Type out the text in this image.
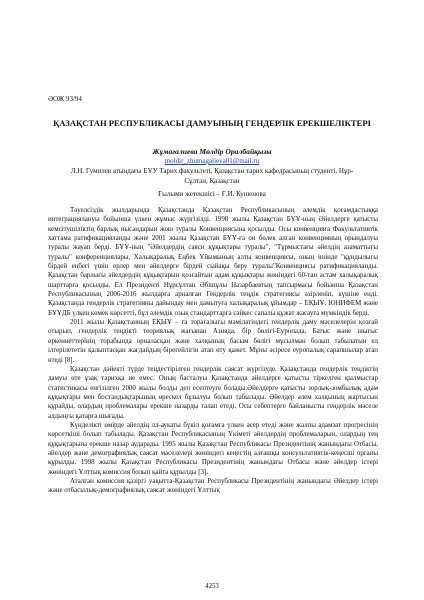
ӘОЖ 93/94
ҚАЗАҚСТАН РЕСПУБЛИКАСЫ ДАМУЫНЫҢ ГЕНДЕРЛІК ЕРЕКШЕЛІКТЕРІ
Жұмағалиева Мөлдір Оралбайқызы
moldir_zhumagalieva01@mail.ru
Л.Н. Гумилев атындағы ЕҰУ Тарих факультеті, Қазақстан тарих кафедрасының студенті, Нұр-Сұлтан, Қазақстан
Ғылыми жетекшісі – Ғ.И. Кушенова

Тәуелсіздік жылдарында Қазақстанда Қазақстан Республикасының әлемдік қоғамдастыққа интеграциялануы бойынша үлкен жұмыс жүргізілді. 1998 жылы Қазақстан БҰҰ-ның Әйелдерге қатысты кемсітушіліктің барлық нысандарын жою туралы Конвенциясына қосылды. Осы конвенцияға Факультативтік хаттама ратификацияланды және 2001 жылы Қазақстан БҰҰ-ға он бөлек алған конвенцияның орындалуы туралы жауап берді. БҰҰ-ның "Әйелдердің саяси құқықтары туралы", "Тұрмыстағы әйелдің азаматтығы туралы" конференциялары, Халықаралық Еңбек Ұйымының алты конвенциясы, оның ішінде "құндылығы бірдей еңбегі үшін ерлер мен әйелдерге бірдей сыйақы беру туралы"Конвенциясы ратификацияланды. Қазақстан барлығы әйелдердің құқықтарын қозғайтын адам құқықтары жөніндегі 60-тан астам халықаралық шарттарға қосылды. Ел Президенті Нұрсұлтан Әбішұлы Назарбаевтың тапсырмасы бойынша Қазақстан Республикасының 2006-2016 жылдарға арналған Гендерлік теңдік стратегиясы әзірленіп, күшіне енді. Қазақстанда гендерлік стратегияны дайындау мен дамытуға халықаралық ұйымдар – ЕҚЫҰ, ЮНИФЕМ және БҰҰДБ үлкен көмек көрсетті, бұл әлемдік озық стандарттарға сәйкес сапалы құжат жасауға мүмкіндік берді.

2011 жылы Қазақстанның ЕҚЫҰ – ға торағалығы мәміләтіндегі гендерлік даму мәселелерін қозғай отырып, гендерлік теңдікті теориялық жағынан Азияда, бір бөлігі-Еуропада, Батыс және шығыс өркениеттерінің торабында орналасқан және халқының басым бөлігі мұсылман болып табылатын ел ілгерілететін қалыптасқан жағдайдың біреғейлігін атап өту қажет. Мұны әсіресе еуропалық сарапшылар атап өтеді [8].

Қазақстан дәйекті түрде теңдестірілген гендерлік саясат жүргізуде. Қазақстанда гендерлік теңдіктің дамуы өте ұзақ тарихқа ие емес. Оның басталуы Қазақстанда әйелдерге қатысты тіркелген қылмыстар статистикасы енгізілген 2000 жылы болды деп есептеуге болады.Әйелдерге қатысты зорлық-зомбылық адам құқықтары мен бостандықтарының өрескел бұзылуы болып табылады. Әйелдер әлем халқының жартысын құрайды, олардың проблемалары ерекше назарды талап етеді. Осы себептерге байланысты гендерлік мәселе алдыңғы қатарға шығады.

Күнделікті өмірде әйелдің лл-аукаты бүкіл қоғамға үлкен әсер етеді және жалпы адамзат прогресінің көрсеткіші болып табылады. Қазақстан Республикасының Үкіметі әйелдердің проблемаларын, олардың тең құқықтарына ерекше назар аударады. 1995 жылы Қазақстан Республикасы Президентінің жанындағы Отбасы, әйелдер және демографиялық саясат мәселелері жөніндегі кеңестің алғашқы консультативтік-кеңесші органы құрылды. 1998 жылы Қазақстан Республикасы Президентінің жанындағы Отбасы және әйелдер істері жөніндегі Ұлттық комиссия болып қайта құрылды [3].

Аталған комиссия қазіргі уақытта-Қазақстан Республикасы Президентінің жанындағы Әйелдер істері және отбасылық-демографиялық саясат жөніндегі Ұлттық

4253
